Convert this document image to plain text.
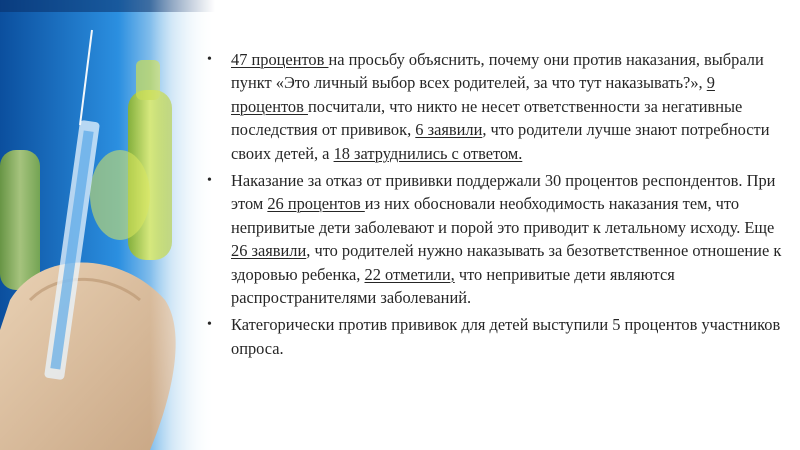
• 47 процентов на просьбу объяснить, почему они против наказания, выбрали пункт «Это личный выбор всех родителей, за что тут наказывать?», 9 процентов посчитали, что никто не несет ответственности за негативные последствия от прививок, 6 заявили, что родители лучше знают потребности своих детей, а 18 затруднились с ответом.
• Наказание за отказ от прививки поддержали 30 процентов респондентов. При этом 26 процентов из них обосновали необходимость наказания тем, что непривитые дети заболевают и порой это приводит к летальному исходу. Еще 26 заявили, что родителей нужно наказывать за безответственное отношение к здоровью ребенка, 22 отметили, что непривитые дети являются распространителями заболеваний.
• Категорически против прививок для детей выступили 5 процентов участников опроса.
